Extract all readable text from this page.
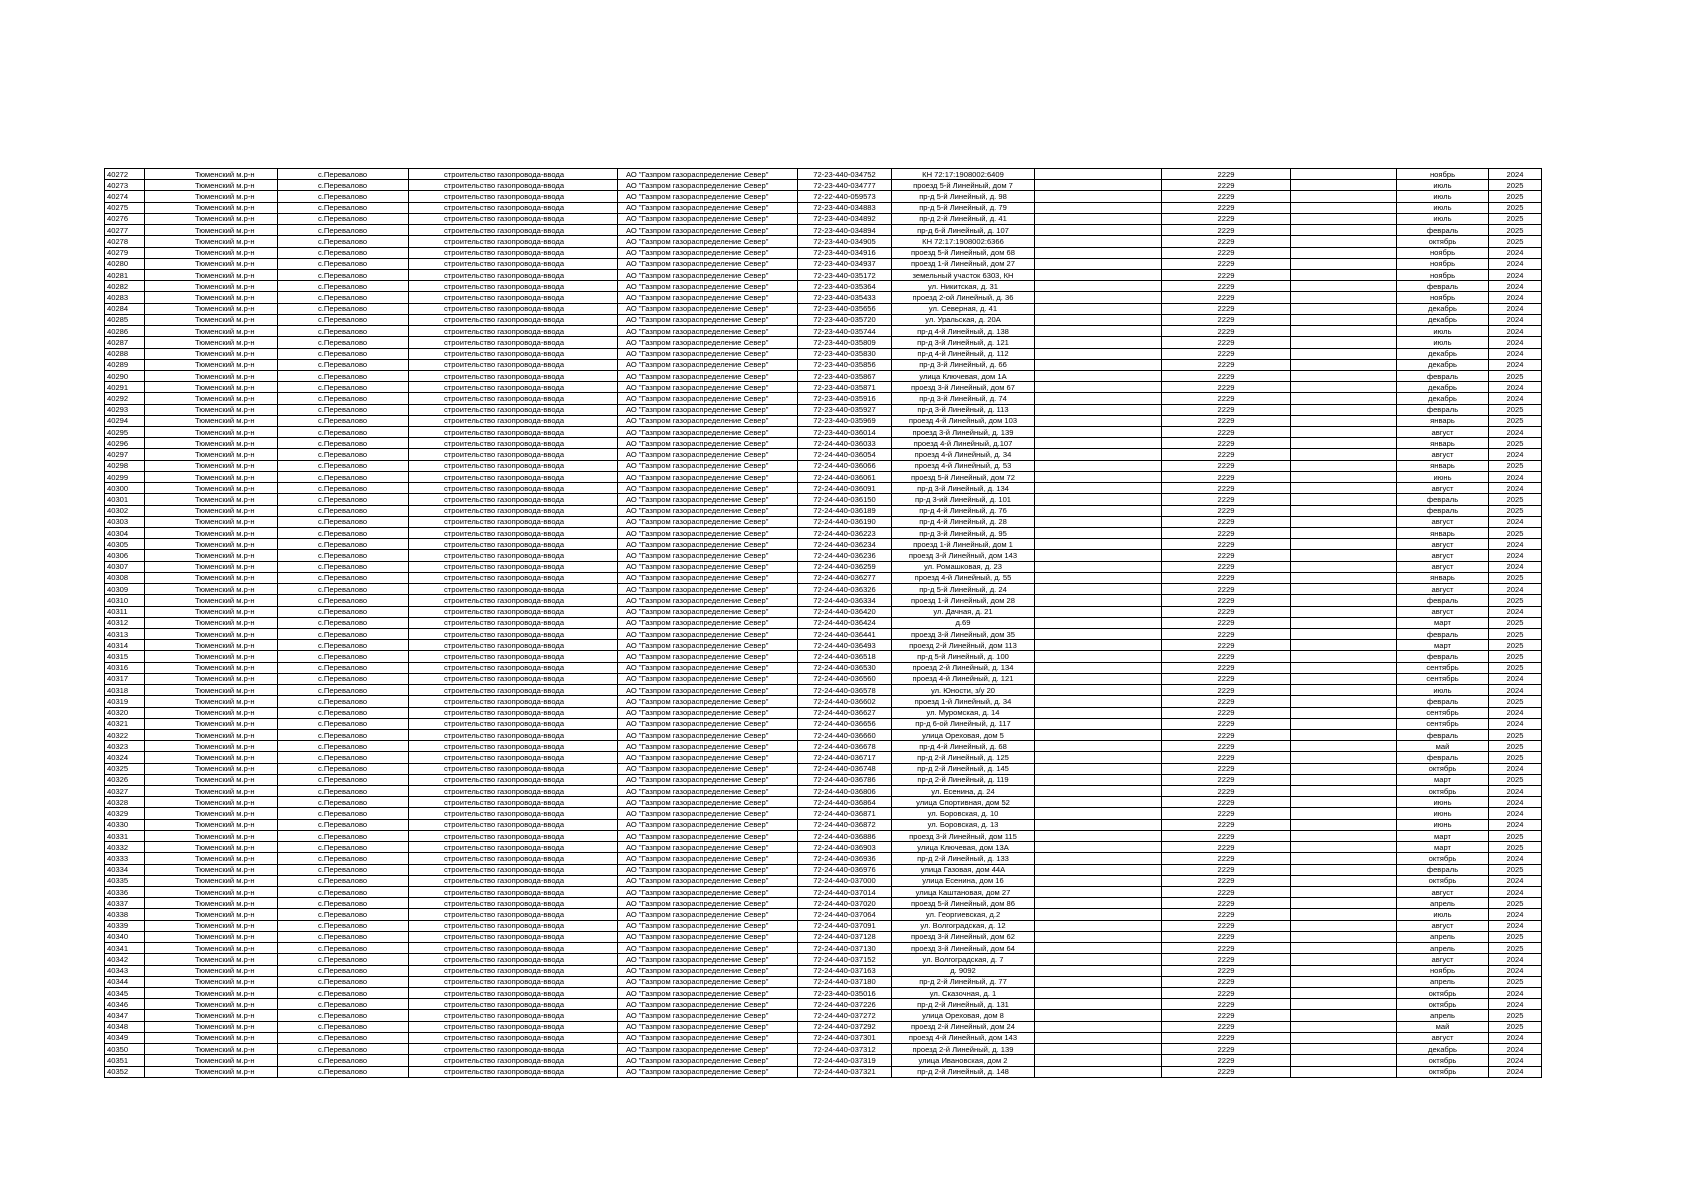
40272	Тюменский м.р-н	с.Перевалово	строительство газопровода-ввода	АО "Газпром газораспределение Север"	72-23-440-034752	КН 72:17:1908002:6409		2229		ноябрь	2024
40273	Тюменский м.р-н	с.Перевалово	строительство газопровода-ввода	АО "Газпром газораспределение Север"	72-23-440-034777	проезд 5-й Линейный, дом 7		2229		июль	2025
40274	Тюменский м.р-н	с.Перевалово	строительство газопровода-ввода	АО "Газпром газораспределение Север"	72-22-440-059573	пр-д 5-й Линейный, д. 98		2229		июль	2025
40275	Тюменский м.р-н	с.Перевалово	строительство газопровода-ввода	АО "Газпром газораспределение Север"	72-23-440-034883	пр-д 5-й Линейный, д. 79		2229		июль	2025
40276	Тюменский м.р-н	с.Перевалово	строительство газопровода-ввода	АО "Газпром газораспределение Север"	72-23-440-034892	пр-д 2-й Линейный, д. 41		2229		июль	2025
40277	Тюменский м.р-н	с.Перевалово	строительство газопровода-ввода	АО "Газпром газораспределение Север"	72-23-440-034894	пр-д 6-й Линейный, д. 107		2229		февраль	2025
40278	Тюменский м.р-н	с.Перевалово	строительство газопровода-ввода	АО "Газпром газораспределение Север"	72-23-440-034905	КН 72:17:1908002:6366		2229		октябрь	2025
40279	Тюменский м.р-н	с.Перевалово	строительство газопровода-ввода	АО "Газпром газораспределение Север"	72-23-440-034916	проезд 5-й Линейный, дом 68		2229		ноябрь	2024
40280	Тюменский м.р-н	с.Перевалово	строительство газопровода-ввода	АО "Газпром газораспределение Север"	72-23-440-034937	проезд 1-й Линейный, дом 27		2229		ноябрь	2024
40281	Тюменский м.р-н	с.Перевалово	строительство газопровода-ввода	АО "Газпром газораспределение Север"	72-23-440-035172	земельный участок 6303, КН		2229		ноябрь	2024
40282	Тюменский м.р-н	с.Перевалово	строительство газопровода-ввода	АО "Газпром газораспределение Север"	72-23-440-035364	ул. Никитская, д. 31		2229		февраль	2024
40283	Тюменский м.р-н	с.Перевалово	строительство газопровода-ввода	АО "Газпром газораспределение Север"	72-23-440-035433	проезд 2-ой Линейный, д. 36		2229		ноябрь	2024
40284	Тюменский м.р-н	с.Перевалово	строительство газопровода-ввода	АО "Газпром газораспределение Север"	72-23-440-035656	ул. Северная, д. 41		2229		декабрь	2024
40285	Тюменский м.р-н	с.Перевалово	строительство газопровода-ввода	АО "Газпром газораспределение Север"	72-23-440-035720	ул. Уральская, д. 20А		2229		декабрь	2024
40286	Тюменский м.р-н	с.Перевалово	строительство газопровода-ввода	АО "Газпром газораспределение Север"	72-23-440-035744	пр-д 4-й Линейный, д. 138		2229		июль	2024
40287	Тюменский м.р-н	с.Перевалово	строительство газопровода-ввода	АО "Газпром газораспределение Север"	72-23-440-035809	пр-д 3-й Линейный, д. 121		2229		июль	2024
40288	Тюменский м.р-н	с.Перевалово	строительство газопровода-ввода	АО "Газпром газораспределение Север"	72-23-440-035830	пр-д 4-й Линейный, д. 112		2229		декабрь	2024
40289	Тюменский м.р-н	с.Перевалово	строительство газопровода-ввода	АО "Газпром газораспределение Север"	72-23-440-035856	пр-д 3-й Линейный, д. 66		2229		декабрь	2024
40290	Тюменский м.р-н	с.Перевалово	строительство газопровода-ввода	АО "Газпром газораспределение Север"	72-23-440-035867	улица Ключевая, дом 1А		2229		февраль	2025
40291	Тюменский м.р-н	с.Перевалово	строительство газопровода-ввода	АО "Газпром газораспределение Север"	72-23-440-035871	проезд 3-й Линейный, дом 67		2229		декабрь	2024
40292	Тюменский м.р-н	с.Перевалово	строительство газопровода-ввода	АО "Газпром газораспределение Север"	72-23-440-035916	пр-д 3-й Линейный, д. 74		2229		декабрь	2024
40293	Тюменский м.р-н	с.Перевалово	строительство газопровода-ввода	АО "Газпром газораспределение Север"	72-23-440-035927	пр-д 3-й Линейный, д. 113		2229		февраль	2025
40294	Тюменский м.р-н	с.Перевалово	строительство газопровода-ввода	АО "Газпром газораспределение Север"	72-23-440-035969	проезд 4-й Линейный, дом 103		2229		январь	2025
40295	Тюменский м.р-н	с.Перевалово	строительство газопровода-ввода	АО "Газпром газораспределение Север"	72-23-440-036014	проезд 3-й Линейный, д. 139		2229		август	2024
40296	Тюменский м.р-н	с.Перевалово	строительство газопровода-ввода	АО "Газпром газораспределение Север"	72-24-440-036033	проезд 4-й Линейный, д.107		2229		январь	2025
40297	Тюменский м.р-н	с.Перевалово	строительство газопровода-ввода	АО "Газпром газораспределение Север"	72-24-440-036054	проезд 4-й Линейный, д. 34		2229		август	2024
40298	Тюменский м.р-н	с.Перевалово	строительство газопровода-ввода	АО "Газпром газораспределение Север"	72-24-440-036066	проезд 4-й Линейный, д. 53		2229		январь	2025
40299	Тюменский м.р-н	с.Перевалово	строительство газопровода-ввода	АО "Газпром газораспределение Север"	72-24-440-036061	проезд 5-й Линейный, дом 72		2229		июнь	2024
40300	Тюменский м.р-н	с.Перевалово	строительство газопровода-ввода	АО "Газпром газораспределение Север"	72-24-440-036091	пр-д 3-й Линейный, д. 134		2229		август	2024
40301	Тюменский м.р-н	с.Перевалово	строительство газопровода-ввода	АО "Газпром газораспределение Север"	72-24-440-036150	пр-д 3-ий Линейный, д. 101		2229		февраль	2025
40302	Тюменский м.р-н	с.Перевалово	строительство газопровода-ввода	АО "Газпром газораспределение Север"	72-24-440-036189	пр-д 4-й Линейный, д. 76		2229		февраль	2025
40303	Тюменский м.р-н	с.Перевалово	строительство газопровода-ввода	АО "Газпром газораспределение Север"	72-24-440-036190	пр-д 4-й Линейный, д. 28		2229		август	2024
40304	Тюменский м.р-н	с.Перевалово	строительство газопровода-ввода	АО "Газпром газораспределение Север"	72-24-440-036223	пр-д 3-й Линейный, д. 95		2229		январь	2025
40305	Тюменский м.р-н	с.Перевалово	строительство газопровода-ввода	АО "Газпром газораспределение Север"	72-24-440-036234	проезд 1-й Линейный, дом 1		2229		август	2024
40306	Тюменский м.р-н	с.Перевалово	строительство газопровода-ввода	АО "Газпром газораспределение Север"	72-24-440-036236	проезд 3-й Линейный, дом 143		2229		август	2024
40307	Тюменский м.р-н	с.Перевалово	строительство газопровода-ввода	АО "Газпром газораспределение Север"	72-24-440-036259	ул. Ромашковая, д. 23		2229		август	2024
40308	Тюменский м.р-н	с.Перевалово	строительство газопровода-ввода	АО "Газпром газораспределение Север"	72-24-440-036277	проезд 4-й Линейный, д. 55		2229		январь	2025
40309	Тюменский м.р-н	с.Перевалово	строительство газопровода-ввода	АО "Газпром газораспределение Север"	72-24-440-036326	пр-д 5-й Линейный, д. 24		2229		август	2024
40310	Тюменский м.р-н	с.Перевалово	строительство газопровода-ввода	АО "Газпром газораспределение Север"	72-24-440-036334	проезд 1-й Линейный, дом 28		2229		февраль	2025
40311	Тюменский м.р-н	с.Перевалово	строительство газопровода-ввода	АО "Газпром газораспределение Север"	72-24-440-036420	ул. Дачная, д. 21		2229		август	2024
40312	Тюменский м.р-н	с.Перевалово	строительство газопровода-ввода	АО "Газпром газораспределение Север"	72-24-440-036424	д.69		2229		март	2025
40313	Тюменский м.р-н	с.Перевалово	строительство газопровода-ввода	АО "Газпром газораспределение Север"	72-24-440-036441	проезд 3-й Линейный, дом 35		2229		февраль	2025
40314	Тюменский м.р-н	с.Перевалово	строительство газопровода-ввода	АО "Газпром газораспределение Север"	72-24-440-036493	проезд 2-й Линейный, дом 113		2229		март	2025
40315	Тюменский м.р-н	с.Перевалово	строительство газопровода-ввода	АО "Газпром газораспределение Север"	72-24-440-036518	пр-д 5-й Линейный, д. 100		2229		февраль	2025
40316	Тюменский м.р-н	с.Перевалово	строительство газопровода-ввода	АО "Газпром газораспределение Север"	72-24-440-036530	проезд 2-й Линейный, д. 134		2229		сентябрь	2025
40317	Тюменский м.р-н	с.Перевалово	строительство газопровода-ввода	АО "Газпром газораспределение Север"	72-24-440-036560	проезд 4-й Линейный, д. 121		2229		сентябрь	2024
40318	Тюменский м.р-н	с.Перевалово	строительство газопровода-ввода	АО "Газпром газораспределение Север"	72-24-440-036578	ул. Юности, з/у 20		2229		июль	2024
40319	Тюменский м.р-н	с.Перевалово	строительство газопровода-ввода	АО "Газпром газораспределение Север"	72-24-440-036602	проезд 1-й Линейный, д. 34		2229		февраль	2025
40320	Тюменский м.р-н	с.Перевалово	строительство газопровода-ввода	АО "Газпром газораспределение Север"	72-24-440-036627	ул. Муромская, д. 14		2229		сентябрь	2024
40321	Тюменский м.р-н	с.Перевалово	строительство газопровода-ввода	АО "Газпром газораспределение Север"	72-24-440-036656	пр-д 6-ой Линейный, д. 117		2229		сентябрь	2024
40322	Тюменский м.р-н	с.Перевалово	строительство газопровода-ввода	АО "Газпром газораспределение Север"	72-24-440-036660	улица Ореховая, дом 5		2229		февраль	2025
40323	Тюменский м.р-н	с.Перевалово	строительство газопровода-ввода	АО "Газпром газораспределение Север"	72-24-440-036678	пр-д 4-й Линейный, д. 68		2229		май	2025
40324	Тюменский м.р-н	с.Перевалово	строительство газопровода-ввода	АО "Газпром газораспределение Север"	72-24-440-036717	пр-д 2-й Линейный, д. 125		2229		февраль	2025
40325	Тюменский м.р-н	с.Перевалово	строительство газопровода-ввода	АО "Газпром газораспределение Север"	72-24-440-036748	пр-д 2-й Линейный, д. 145		2229		октябрь	2024
40326	Тюменский м.р-н	с.Перевалово	строительство газопровода-ввода	АО "Газпром газораспределение Север"	72-24-440-036786	пр-д 2-й Линейный, д. 119		2229		март	2025
40327	Тюменский м.р-н	с.Перевалово	строительство газопровода-ввода	АО "Газпром газораспределение Север"	72-24-440-036806	ул. Есенина, д. 24		2229		октябрь	2024
40328	Тюменский м.р-н	с.Перевалово	строительство газопровода-ввода	АО "Газпром газораспределение Север"	72-24-440-036864	улица Спортивная, дом 52		2229		июнь	2024
40329	Тюменский м.р-н	с.Перевалово	строительство газопровода-ввода	АО "Газпром газораспределение Север"	72-24-440-036871	ул. Боровская, д. 10		2229		июнь	2024
40330	Тюменский м.р-н	с.Перевалово	строительство газопровода-ввода	АО "Газпром газораспределение Север"	72-24-440-036872	ул. Боровская, д. 13		2229		июнь	2024
40331	Тюменский м.р-н	с.Перевалово	строительство газопровода-ввода	АО "Газпром газораспределение Север"	72-24-440-036886	проезд 3-й Линейный, дом 115		2229		март	2025
40332	Тюменский м.р-н	с.Перевалово	строительство газопровода-ввода	АО "Газпром газораспределение Север"	72-24-440-036903	улица Ключевая, дом 13А		2229		март	2025
40333	Тюменский м.р-н	с.Перевалово	строительство газопровода-ввода	АО "Газпром газораспределение Север"	72-24-440-036936	пр-д 2-й Линейный, д. 133		2229		октябрь	2024
40334	Тюменский м.р-н	с.Перевалово	строительство газопровода-ввода	АО "Газпром газораспределение Север"	72-24-440-036976	улица Газовая, дом 44А		2229		февраль	2025
40335	Тюменский м.р-н	с.Перевалово	строительство газопровода-ввода	АО "Газпром газораспределение Север"	72-24-440-037000	улица Есенина, дом 16		2229		октябрь	2024
40336	Тюменский м.р-н	с.Перевалово	строительство газопровода-ввода	АО "Газпром газораспределение Север"	72-24-440-037014	улица Каштановая, дом 27		2229		август	2024
40337	Тюменский м.р-н	с.Перевалово	строительство газопровода-ввода	АО "Газпром газораспределение Север"	72-24-440-037020	проезд 5-й Линейный, дом 86		2229		апрель	2025
40338	Тюменский м.р-н	с.Перевалово	строительство газопровода-ввода	АО "Газпром газораспределение Север"	72-24-440-037064	ул. Георгиевская, д.2		2229		июль	2024
40339	Тюменский м.р-н	с.Перевалово	строительство газопровода-ввода	АО "Газпром газораспределение Север"	72-24-440-037091	ул. Волгоградская, д. 12		2229		август	2024
40340	Тюменский м.р-н	с.Перевалово	строительство газопровода-ввода	АО "Газпром газораспределение Север"	72-24-440-037128	проезд 3-й Линейный, дом 62		2229		апрель	2025
40341	Тюменский м.р-н	с.Перевалово	строительство газопровода-ввода	АО "Газпром газораспределение Север"	72-24-440-037130	проезд 3-й Линейный, дом 64		2229		апрель	2025
40342	Тюменский м.р-н	с.Перевалово	строительство газопровода-ввода	АО "Газпром газораспределение Север"	72-24-440-037152	ул. Волгоградская, д. 7		2229		август	2024
40343	Тюменский м.р-н	с.Перевалово	строительство газопровода-ввода	АО "Газпром газораспределение Север"	72-24-440-037163	д. 9092		2229		ноябрь	2024
40344	Тюменский м.р-н	с.Перевалово	строительство газопровода-ввода	АО "Газпром газораспределение Север"	72-24-440-037180	пр-д 2-й Линейный, д. 77		2229		апрель	2025
40345	Тюменский м.р-н	с.Перевалово	строительство газопровода-ввода	АО "Газпром газораспределение Север"	72-23-440-035016	ул. Сказочная, д. 1		2229		октябрь	2024
40346	Тюменский м.р-н	с.Перевалово	строительство газопровода-ввода	АО "Газпром газораспределение Север"	72-24-440-037226	пр-д 2-й Линейный, д. 131		2229		октябрь	2024
40347	Тюменский м.р-н	с.Перевалово	строительство газопровода-ввода	АО "Газпром газораспределение Север"	72-24-440-037272	улица Ореховая, дом 8		2229		апрель	2025
40348	Тюменский м.р-н	с.Перевалово	строительство газопровода-ввода	АО "Газпром газораспределение Север"	72-24-440-037292	проезд 2-й Линейный, дом 24		2229		май	2025
40349	Тюменский м.р-н	с.Перевалово	строительство газопровода-ввода	АО "Газпром газораспределение Север"	72-24-440-037301	проезд 4-й Линейный, дом 143		2229		август	2024
40350	Тюменский м.р-н	с.Перевалово	строительство газопровода-ввода	АО "Газпром газораспределение Север"	72-24-440-037312	проезд 2-й Линейный, д. 139		2229		декабрь	2024
40351	Тюменский м.р-н	с.Перевалово	строительство газопровода-ввода	АО "Газпром газораспределение Север"	72-24-440-037319	улица Ивановская, дом 2		2229		октябрь	2024
40352	Тюменский м.р-н	с.Перевалово	строительство газопровода-ввода	АО "Газпром газораспределение Север"	72-24-440-037321	пр-д 2-й Линейный, д. 148		2229		октябрь	2024
